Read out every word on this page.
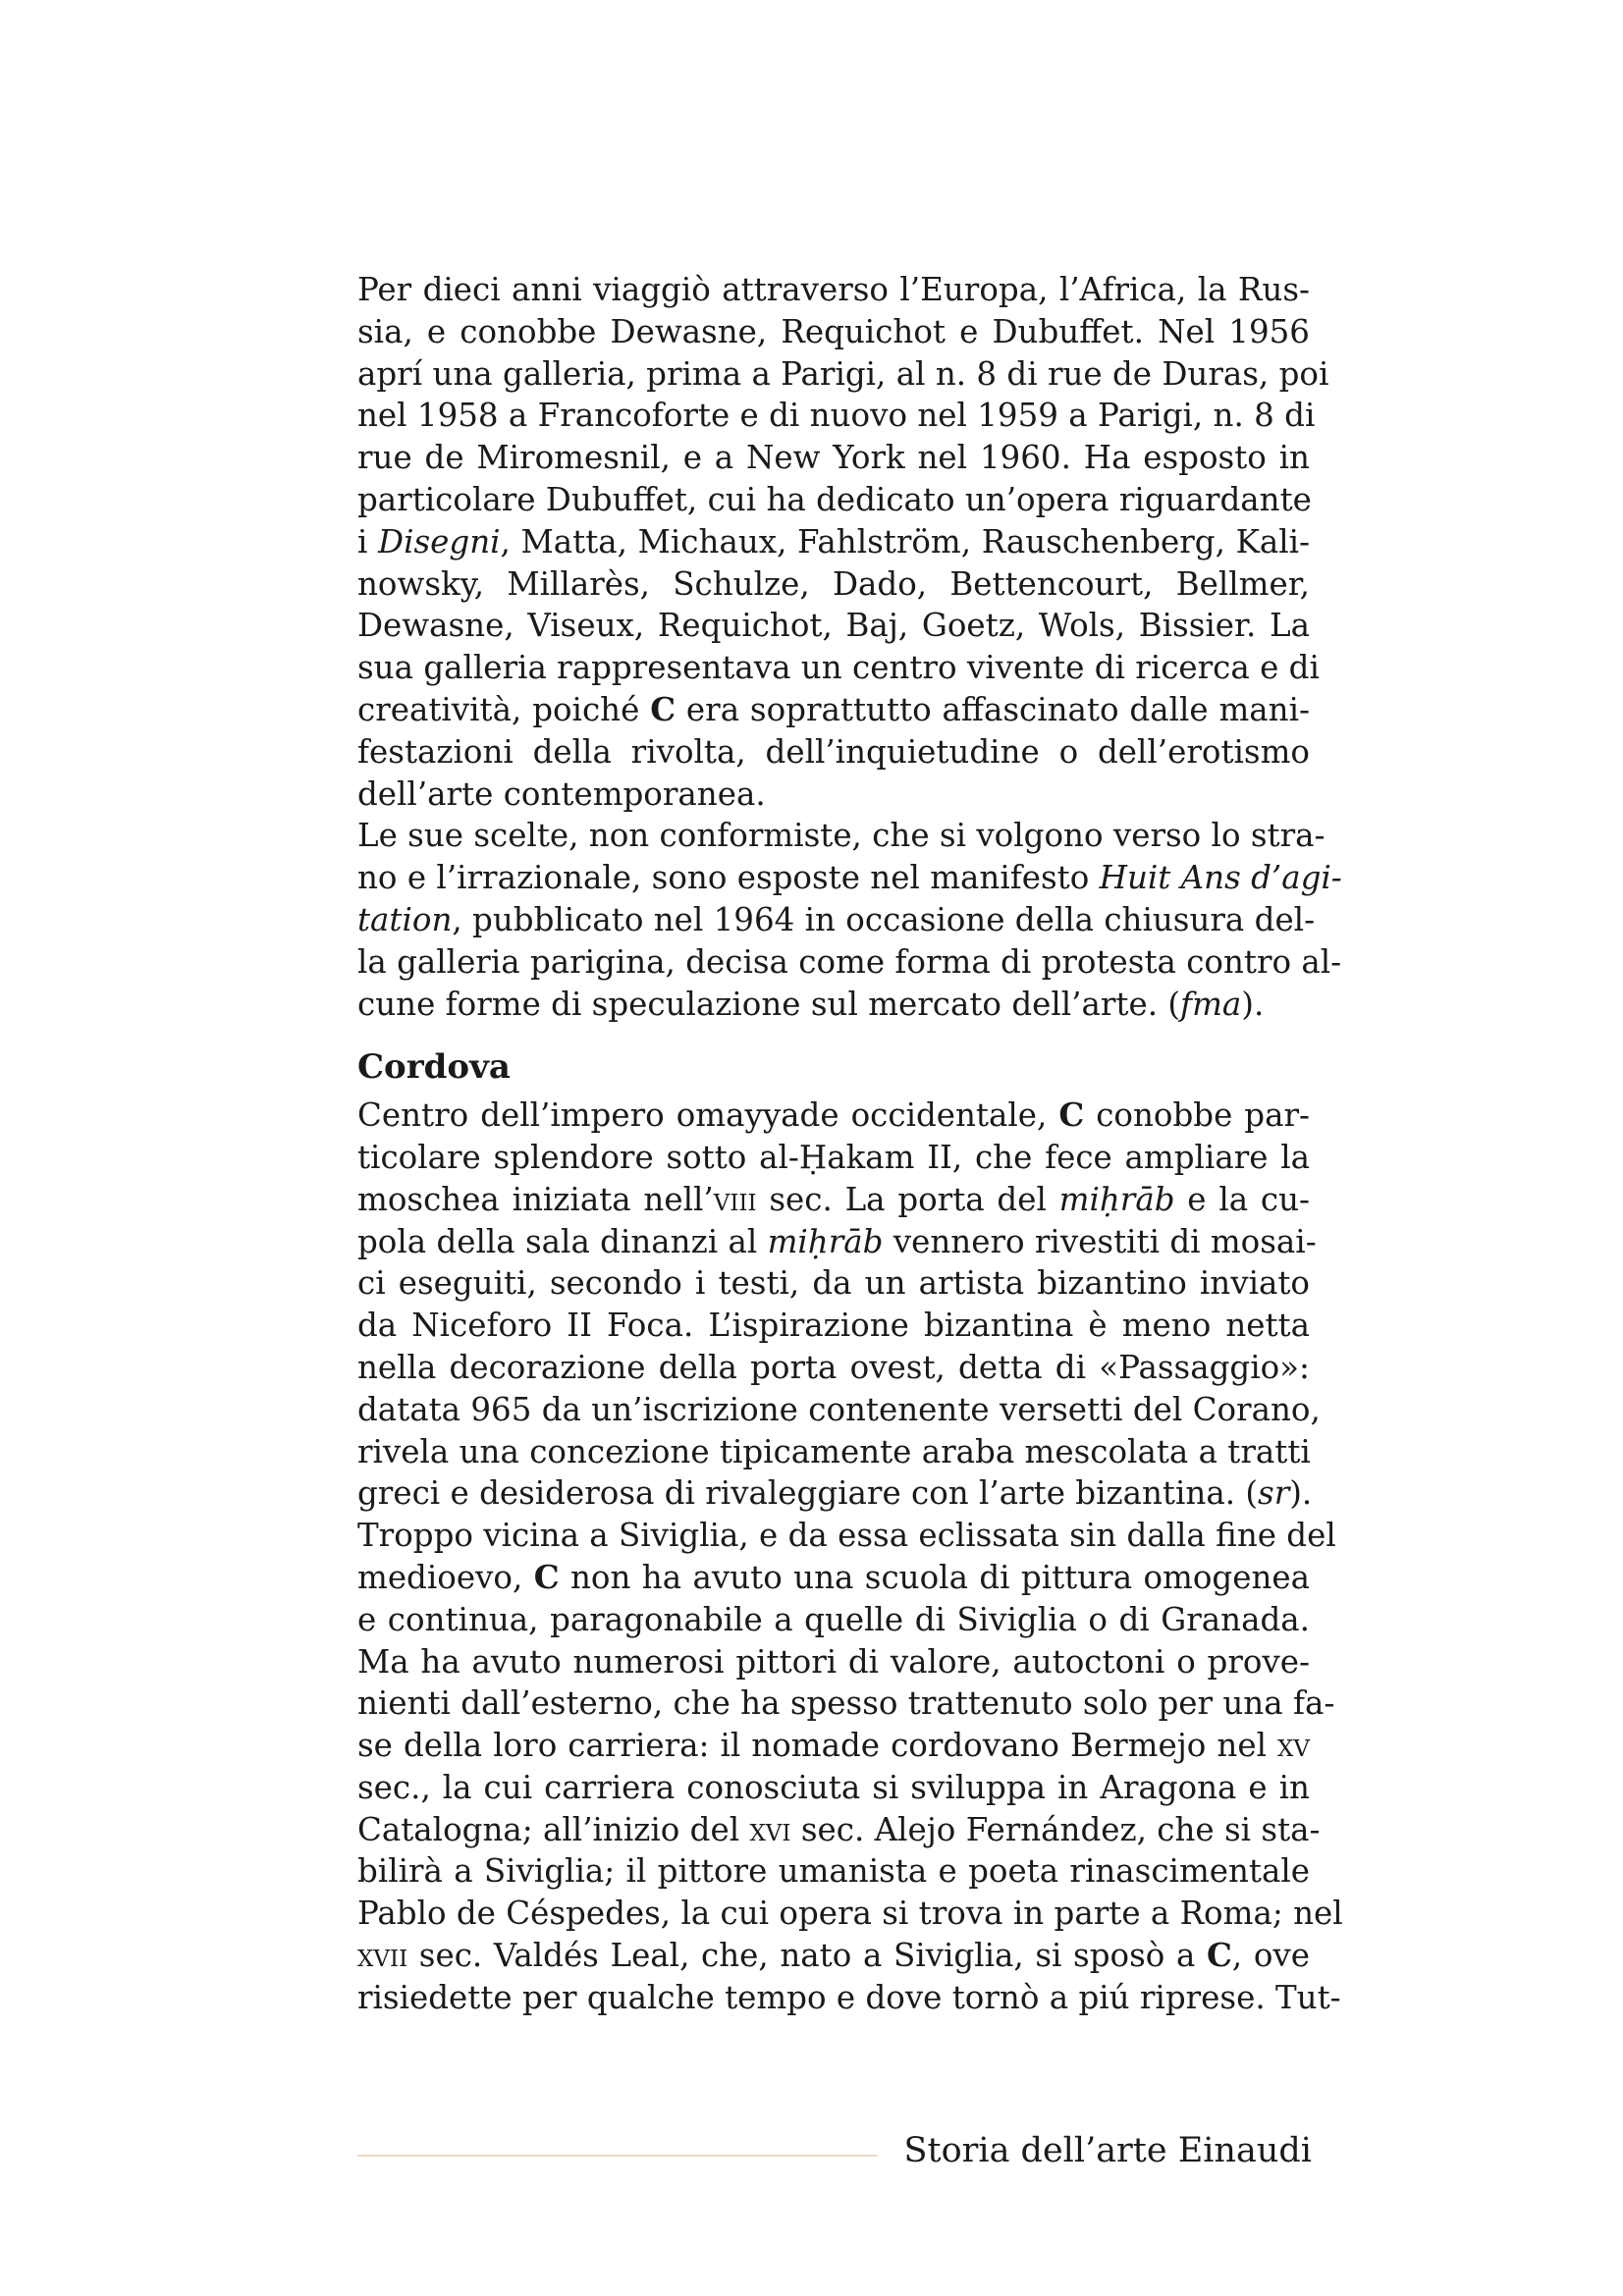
Per dieci anni viaggiò attraverso l’Europa, l’Africa, la Rus-
sia, e conobbe Dewasne, Requichot e Dubuffet. Nel 1956
aprí una galleria, prima a Parigi, al n. 8 di rue de Duras, poi
nel 1958 a Francoforte e di nuovo nel 1959 a Parigi, n. 8 di
rue de Miromesnil, e a New York nel 1960. Ha esposto in
particolare Dubuffet, cui ha dedicato un’opera riguardante
i Disegni, Matta, Michaux, Fahlström, Rauschenberg, Kali-
nowsky, Millarès, Schulze, Dado, Bettencourt, Bellmer,
Dewasne, Viseux, Requichot, Baj, Goetz, Wols, Bissier. La
sua galleria rappresentava un centro vivente di ricerca e di
creatività, poiché C era soprattutto affascinato dalle mani-
festazioni della rivolta, dell’inquietudine o dell’erotismo
dell’arte contemporanea.
Le sue scelte, non conformiste, che si volgono verso lo stra-
no e l’irrazionale, sono esposte nel manifesto Huit Ans d’agi-
tation, pubblicato nel 1964 in occasione della chiusura del-
la galleria parigina, decisa come forma di protesta contro al-
cune forme di speculazione sul mercato dell’arte. (fma).
Cordova
Centro dell’impero omayyade occidentale, C conobbe par-
ticolare splendore sotto al-Ḥakam II, che fece ampliare la
moschea iniziata nell’viii sec. La porta del miḥrāb e la cu-
pola della sala dinanzi al miḥrāb vennero rivestiti di mosai-
ci eseguiti, secondo i testi, da un artista bizantino inviato
da Niceforo II Foca. L’ispirazione bizantina è meno netta
nella decorazione della porta ovest, detta di «Passaggio»:
datata 965 da un’iscrizione contenente versetti del Corano,
rivela una concezione tipicamente araba mescolata a tratti
greci e desiderosa di rivaleggiare con l’arte bizantina. (sr).
Troppo vicina a Siviglia, e da essa eclissata sin dalla fine del
medioevo, C non ha avuto una scuola di pittura omogenea
e continua, paragonabile a quelle di Siviglia o di Granada.
Ma ha avuto numerosi pittori di valore, autoctoni o prove-
nienti dall’esterno, che ha spesso trattenuto solo per una fa-
se della loro carriera: il nomade cordovano Bermejo nel xv
sec., la cui carriera conosciuta si sviluppa in Aragona e in
Catalogna; all’inizio del xvi sec. Alejo Fernández, che si sta-
bilirà a Siviglia; il pittore umanista e poeta rinascimentale
Pablo de Céspedes, la cui opera si trova in parte a Roma; nel
xvii sec. Valdés Leal, che, nato a Siviglia, si sposò a C, ove
risiedette per qualche tempo e dove tornò a piú riprese. Tut-
Storia dell’arte Einaudi
